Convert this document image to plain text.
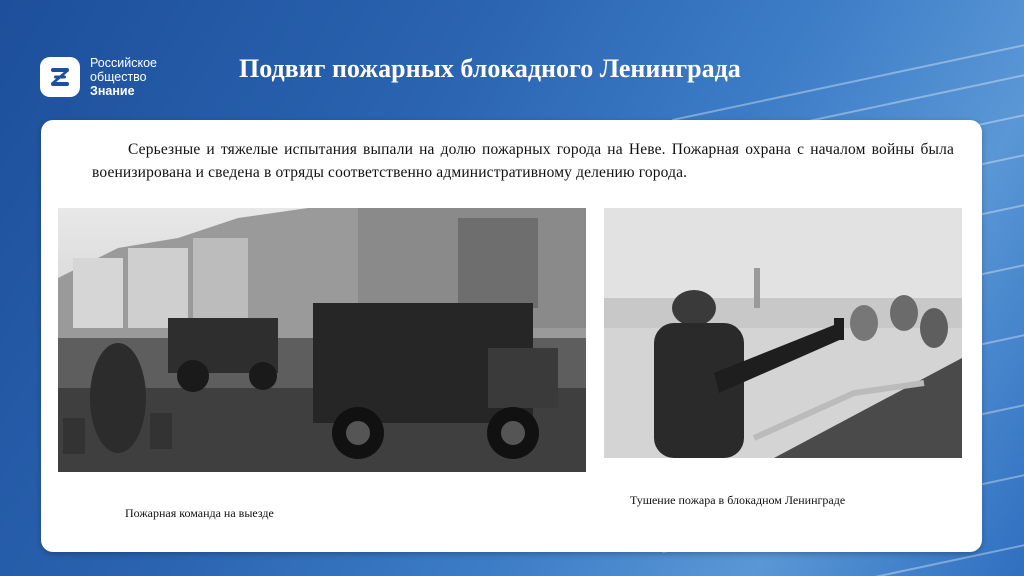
Российское
общество
Знание
Подвиг пожарных блокадного Ленинграда

Серьезные и тяжелые испытания выпали на долю пожарных города на Неве. Пожарная охрана с началом войны была военизирована и сведена в отряды соответственно административному делению города.

Пожарная команда на выезде
Тушение пожара в блокадном Ленинграде
